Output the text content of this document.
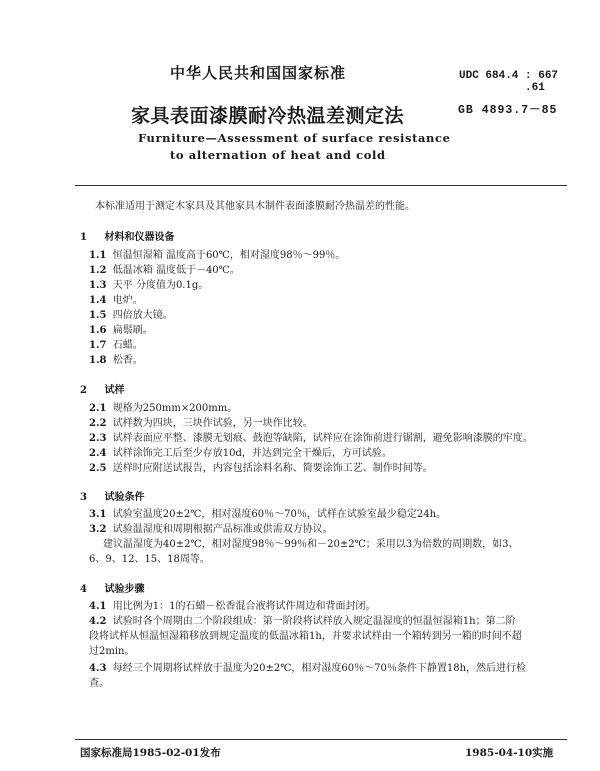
中华人民共和国国家标准	UDC 684.4 : 667
.61
家具表面漆膜耐冷热温差测定法	GB 4893.7－85
Furniture—Assessment of surface resistance
to alternation of heat and cold
本标准适用于测定木家具及其他家具木制件表面漆膜耐冷热温差的性能。
1 材料和仪器设备
1.1 恒温恒湿箱 温度高于60℃，相对湿度98％～99％。
1.2 低温冰箱 温度低于－40℃。
1.3 天平 分度值为0.1g。
1.4 电炉。
1.5 四倍放大镜。
1.6 扁鬃刷。
1.7 石蜡。
1.8 松香。
2 试样
2.1 规格为250mm×200mm。
2.2 试样数为四块，三块作试验，另一块作比较。
2.3 试样表面应平整、漆膜无划痕、鼓泡等缺陷，试样应在涂饰前进行锯割，避免影响漆膜的牢度。
2.4 试样涂饰完工后至少存放10d，并达到完全干燥后，方可试验。
2.5 送样时应附送试报告，内容包括涂料名称、简要涂饰工艺、制作时间等。
3 试验条件
3.1 试验室温度20±2℃，相对湿度60％～70％，试样在试验室最少稳定24h。
3.2 试验温湿度和周期根据产品标准或供需双方协议。
建议温湿度为40±2℃，相对湿度98％～99％和－20±2℃；采用以3为倍数的周期数，如3、
6、9、12、15、18周等。
4 试验步骤
4.1 用比例为1：1的石蜡－松香混合液将试件周边和背面封闭。
4.2 试验时各个周期由二个阶段组成：第一阶段将试样放入规定温湿度的恒温恒湿箱1h；第二阶
段将试样从恒温恒湿箱移放到规定温度的低温冰箱1h，并要求试样由一个箱转到另一箱的时间不超
过2min。
4.3 每经三个周期将试样放于温度为20±2℃，相对湿度60％～70％条件下静置18h，然后进行检
查。
国家标准局1985-02-01发布	1985-04-10实施
